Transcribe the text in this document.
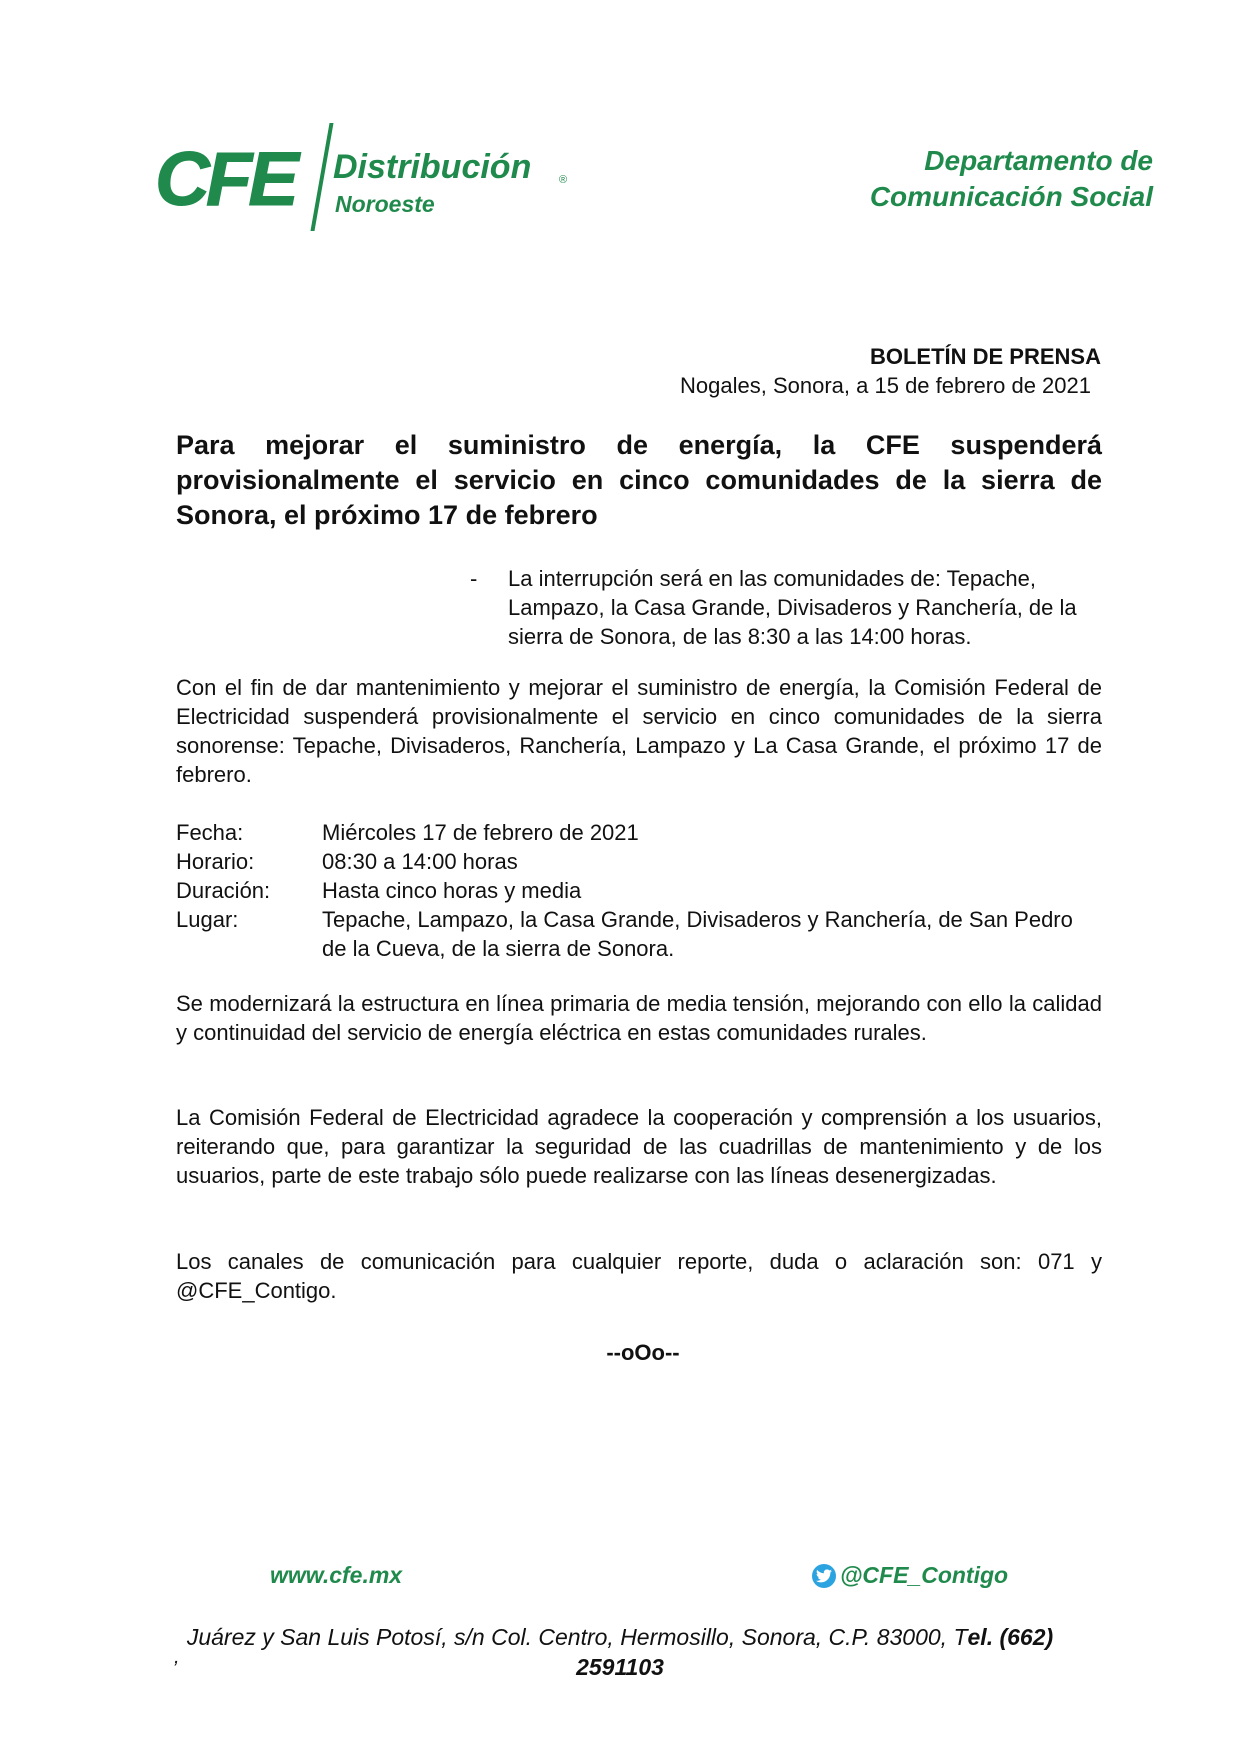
CFE Distribución	®
Noroeste
Departamento de
Comunicación Social
BOLETÍN DE PRENSA
Nogales, Sonora, a 15 de febrero de 2021
Para mejorar el suministro de energía, la CFE suspenderá provisionalmente el servicio en cinco comunidades de la sierra de Sonora, el próximo 17 de febrero
- La interrupción será en las comunidades de: Tepache, Lampazo, la Casa Grande, Divisaderos y Ranchería, de la sierra de Sonora, de las 8:30 a las 14:00 horas.
Con el fin de dar mantenimiento y mejorar el suministro de energía, la Comisión Federal de Electricidad suspenderá provisionalmente el servicio en cinco comunidades de la sierra sonorense: Tepache, Divisaderos, Ranchería, Lampazo y La Casa Grande, el próximo 17 de febrero.
Fecha:	Miércoles 17 de febrero de 2021
Horario:	08:30 a 14:00 horas
Duración:	Hasta cinco horas y media
Lugar:	Tepache, Lampazo, la Casa Grande, Divisaderos y Ranchería, de San Pedro de la Cueva, de la sierra de Sonora.
Se modernizará la estructura en línea primaria de media tensión, mejorando con ello la calidad y continuidad del servicio de energía eléctrica en estas comunidades rurales.
La Comisión Federal de Electricidad agradece la cooperación y comprensión a los usuarios, reiterando que, para garantizar la seguridad de las cuadrillas de mantenimiento y de los usuarios, parte de este trabajo sólo puede realizarse con las líneas desenergizadas.
Los canales de comunicación para cualquier reporte, duda o aclaración son: 071 y @CFE_Contigo.
--oOo--
www.cfe.mx	@CFE_Contigo
Juárez y San Luis Potosí, s/n Col. Centro, Hermosillo, Sonora, C.P. 83000, Tel. (662)
2591103
,
